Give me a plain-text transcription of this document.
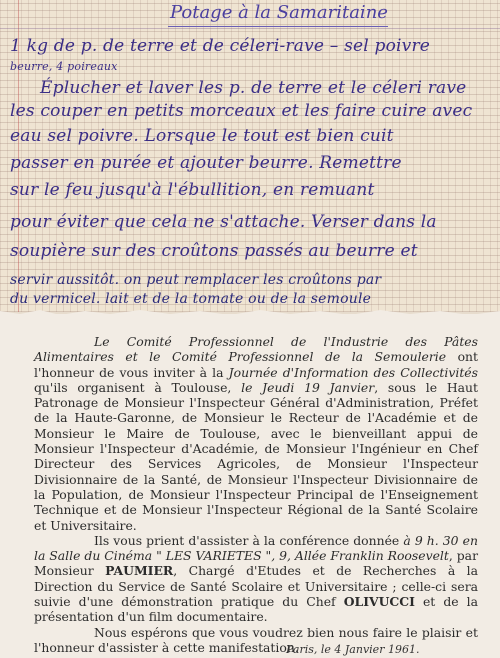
Potage à la Samaritaine
1 kg de p. de terre et de céleri-rave – sel poivre
beurre, 4 poireaux
Éplucher et laver les p. de terre et le céleri rave
les couper en petits morceaux et les faire cuire avec
eau sel poivre. Lorsque le tout est bien cuit
passer en purée et ajouter beurre. Remettre
sur le feu jusqu'à l'ébullition, en remuant
pour éviter que cela ne s'attache. Verser dans la
soupière sur des croûtons passés au beurre et
servir aussitôt. on peut remplacer les croûtons par
du vermicel. lait et de la tomate ou de la semoule

Le Comité Professionnel de l'Industrie des Pâtes Alimentaires et le Comité Professionnel de la Semoulerie ont l'honneur de vous inviter à la Journée d'Information des Collectivités qu'ils organisent à Toulouse, le Jeudi 19 Janvier, sous le Haut Patronage de Monsieur l'Inspecteur Général d'Administration, Préfet de la Haute-Garonne, de Monsieur le Recteur de l'Académie et de Monsieur le Maire de Toulouse, avec le bienveillant appui de Monsieur l'Inspecteur d'Académie, de Monsieur l'Ingénieur en Chef Directeur des Services Agricoles, de Monsieur l'Inspecteur Divisionnaire de la Santé, de Monsieur l'Inspecteur Divisionnaire de la Population, de Monsieur l'Inspecteur Principal de l'Enseignement Technique et de Monsieur l'Inspecteur Régional de la Santé Scolaire et Universitaire.

Ils vous prient d'assister à la conférence donnée à 9 h. 30 en la Salle du Cinéma " LES VARIETES ", 9, Allée Franklin Roosevelt, par Monsieur PAUMIER, Chargé d'Etudes et de Recherches à la Direction du Service de Santé Scolaire et Universitaire ; celle-ci sera suivie d'une démonstration pratique du Chef OLIVUCCI et de la présentation d'un film documentaire.

Nous espérons que vous voudrez bien nous faire le plaisir et l'honneur d'assister à cette manifestation.

Paris, le 4 Janvier 1961.
